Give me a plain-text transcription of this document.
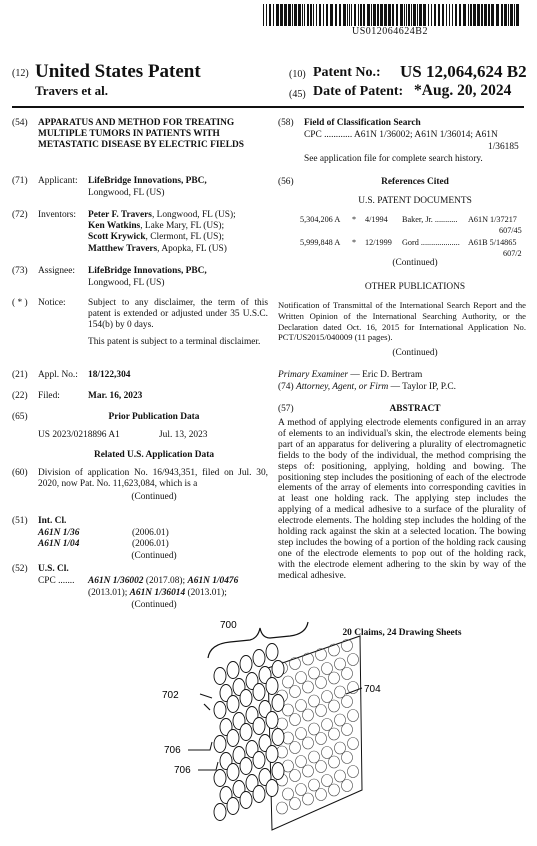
US012064624B2
(12) United States Patent
Travers et al.
(10) Patent No.: US 12,064,624 B2
(45) Date of Patent: *Aug. 20, 2024
(54)	APPARATUS AND METHOD FOR TREATING MULTIPLE TUMORS IN PATIENTS WITH METASTATIC DISEASE BY ELECTRIC FIELDS
(71)	Applicant: LifeBridge Innovations, PBC,
Longwood, FL (US)
(72)	Inventors: Peter F. Travers, Longwood, FL (US);
Ken Watkins, Lake Mary, FL (US);
Scott Krywick, Clermont, FL (US);
Matthew Travers, Apopka, FL (US)
(73)	Assignee: LifeBridge Innovations, PBC,
Longwood, FL (US)
( * )	Notice: Subject to any disclaimer, the term of this patent is extended or adjusted under 35 U.S.C. 154(b) by 0 days.
This patent is subject to a terminal disclaimer.
(21)	Appl. No.: 18/122,304
(22)	Filed:	Mar. 16, 2023
(65)	Prior Publication Data
US 2023/0218896 A1	Jul. 13, 2023
Related U.S. Application Data
(60)	Division of application No. 16/943,351, filed on Jul. 30, 2020, now Pat. No. 11,623,084, which is a
(Continued)
(51)	Int. Cl.
A61N 1/36	(2006.01)
A61N 1/04	(2006.01)
(Continued)
(52)	U.S. Cl.
CPC ....... A61N 1/36002 (2017.08); A61N 1/0476
(2013.01); A61N 1/36014 (2013.01);
(Continued)
(58)	Field of Classification Search
CPC ............ A61N 1/36002; A61N 1/36014; A61N
1/36185
See application file for complete search history.
(56)	References Cited
U.S. PATENT DOCUMENTS
5,304,206 A * 4/1994 Baker, Jr. ........... A61N 1/37217
607/45
5,999,848 A * 12/1999 Gord ................... A61B 5/14865
607/2
(Continued)
OTHER PUBLICATIONS
Notification of Transmittal of the International Search Report and the Written Opinion of the International Searching Authority, or the Declaration dated Oct. 16, 2015 for International Application No. PCT/US2015/040009 (11 pages).
(Continued)
Primary Examiner — Eric D. Bertram
(74) Attorney, Agent, or Firm — Taylor IP, P.C.
(57)	ABSTRACT
A method of applying electrode elements configured in an array of elements to an individual's skin, the electrode elements being part of an apparatus for delivering a plurality of electromagnetic fields to the body of the individual, the method comprising the steps of: positioning, applying, holding and bowing. The positioning step includes the positioning of each of the electrode elements of the array of elements into corresponding cavities in at least one holding rack. The applying step includes the applying of a medical adhesive to a surface of the plurality of electrode elements. The holding step includes the holding of the holding rack against the skin at a selected location. The bowing step includes the bowing of a portion of the holding rack causing one of the electrode elements to pop out of the holding rack, with the electrode element adhering to the skin by way of the medical adhesive.
20 Claims, 24 Drawing Sheets
700
702
704
706
706
